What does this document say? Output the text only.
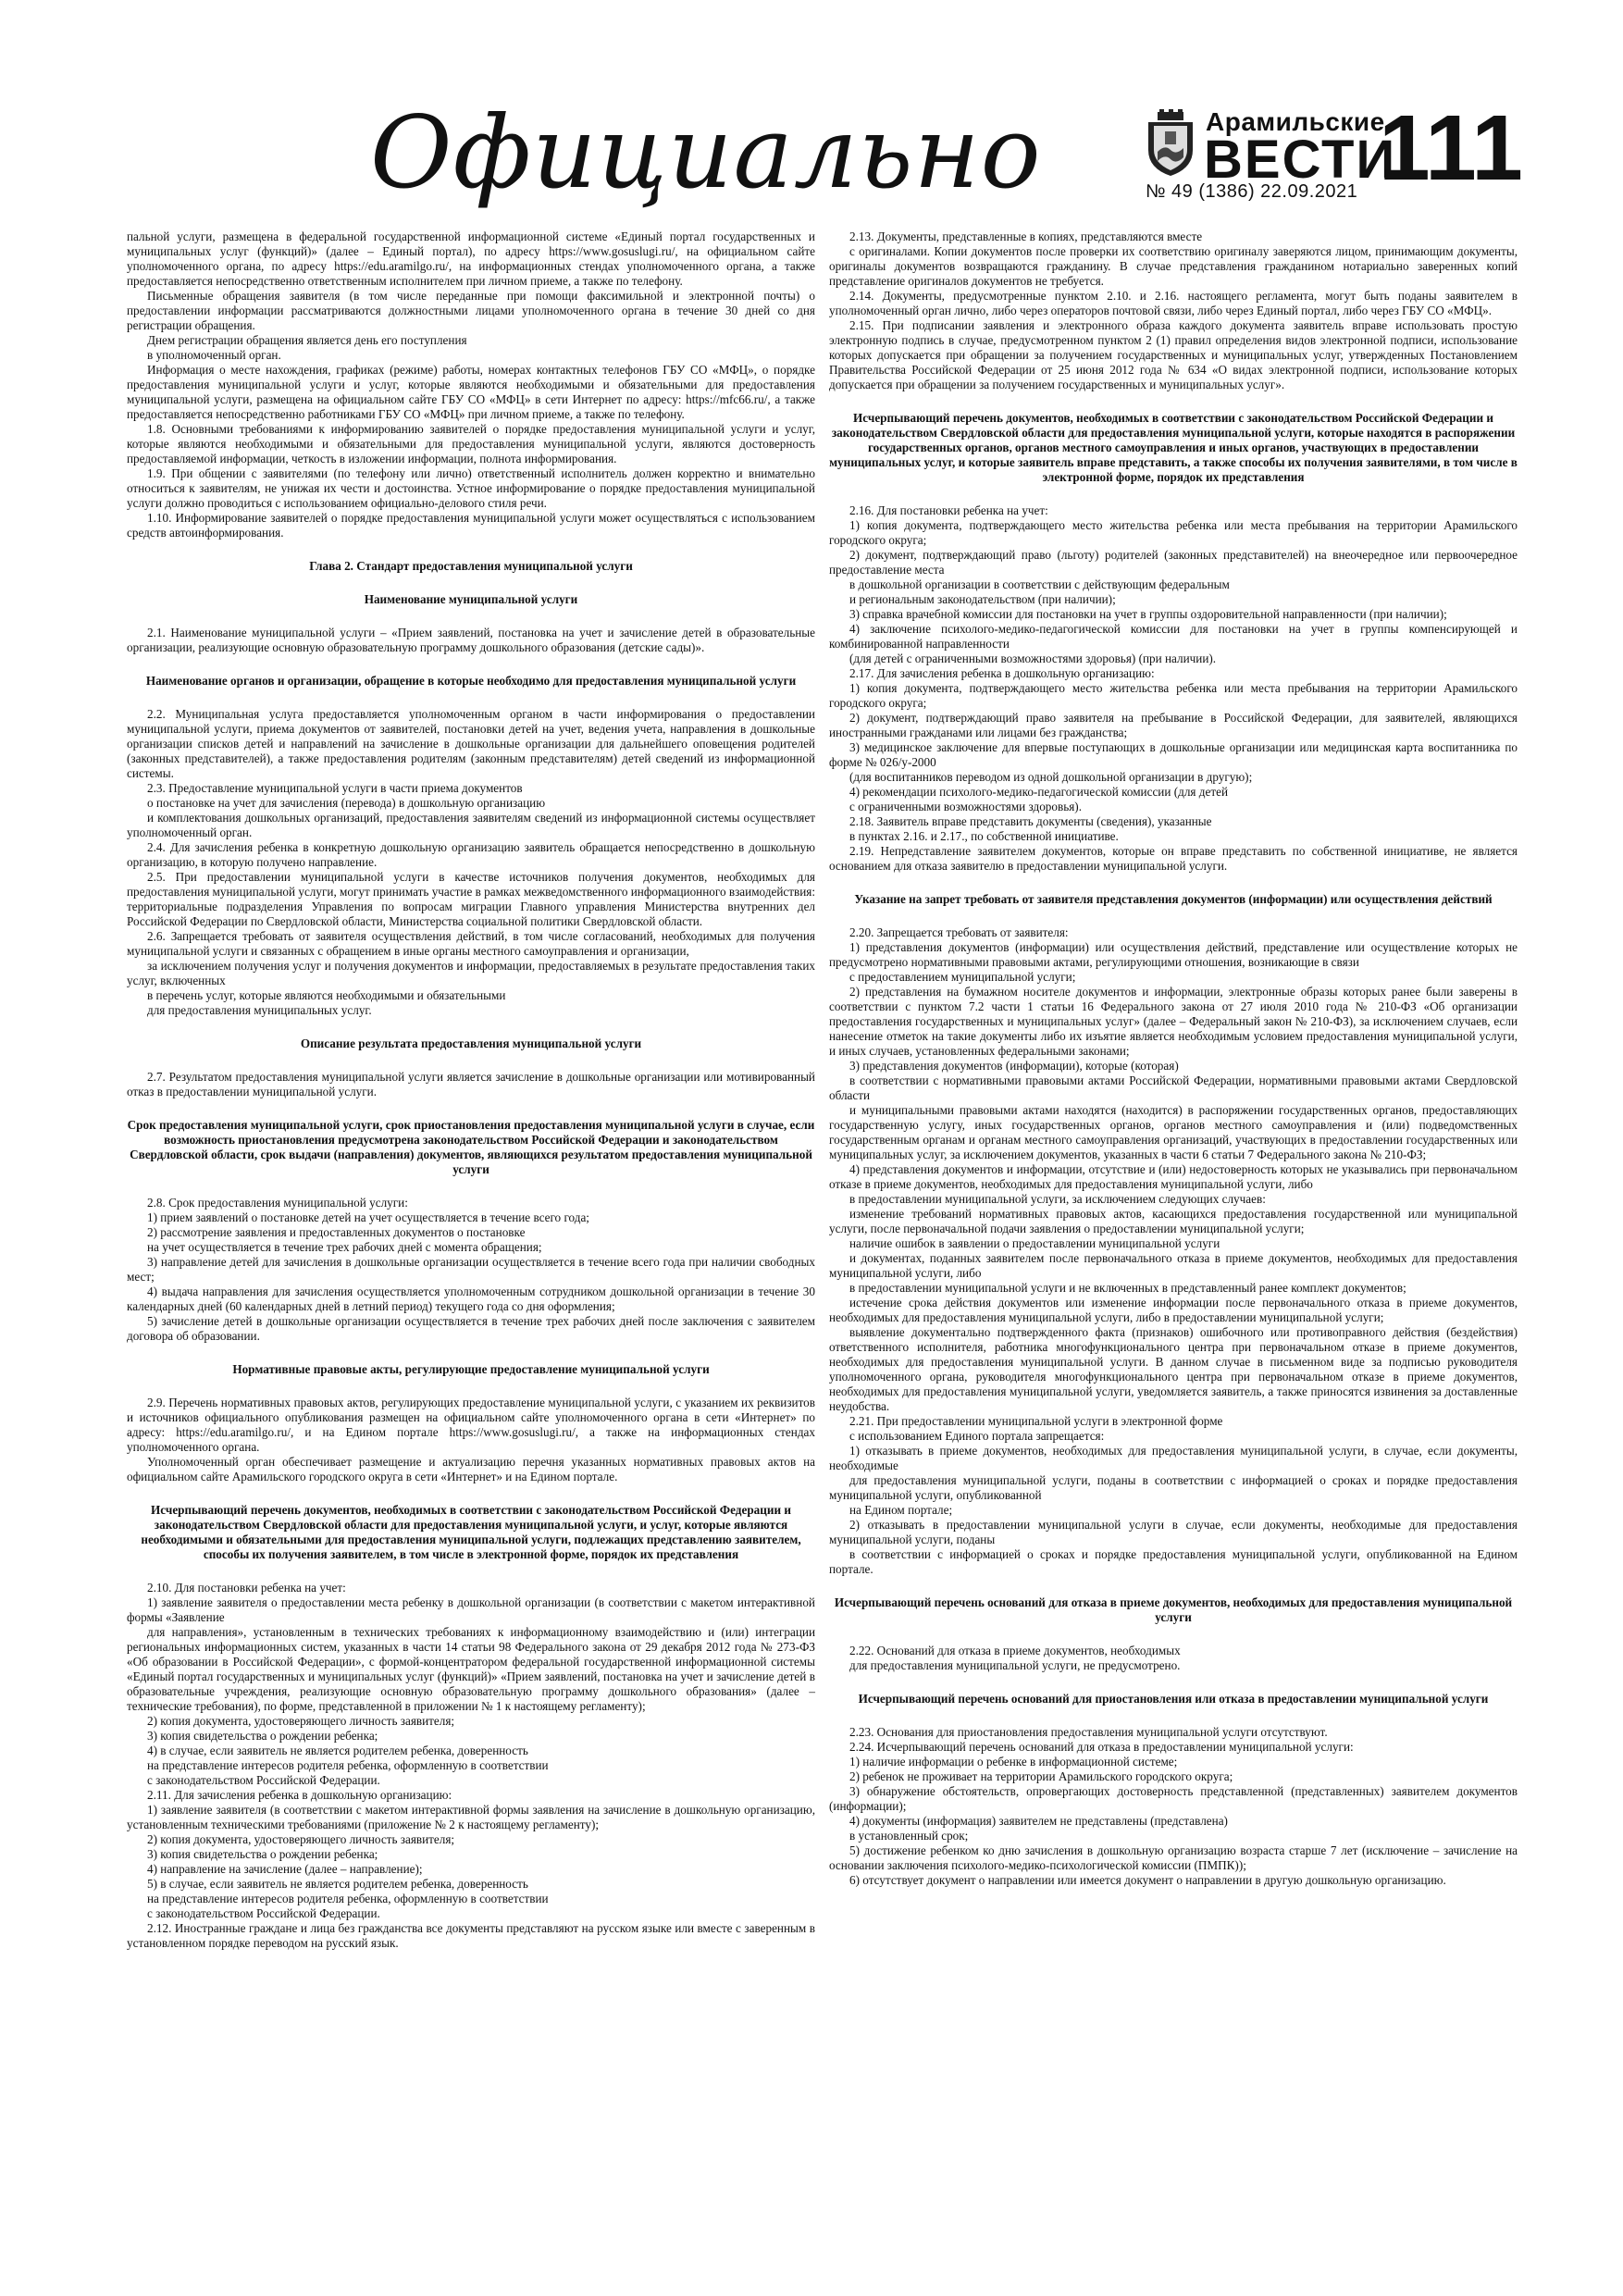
Официально	Арамильские
ВЕСТИ
111
№ 49 (1386) 22.09.2021

пальной услуги, размещена в федеральной государственной информационной системе «Единый портал государственных и муниципальных услуг (функций)» (далее – Единый портал), по адресу https://www.gosuslugi.ru/, на официальном сайте уполномоченного органа, по адресу https://edu.aramilgo.ru/, на информационных стендах уполномоченного органа, а также предоставляется непосредственно ответственным исполнителем при личном приеме, а также по телефону.

Письменные обращения заявителя (в том числе переданные при помощи факсимильной и электронной почты) о предоставлении информации рассматриваются должностными лицами уполномоченного органа в течение 30 дней со дня регистрации обращения.

Днем регистрации обращения является день его поступления

в уполномоченный орган.

Информация о месте нахождения, графиках (режиме) работы, номерах контактных телефонов ГБУ СО «МФЦ», о порядке предоставления муниципальной услуги и услуг, которые являются необходимыми и обязательными для предоставления муниципальной услуги, размещена на официальном сайте ГБУ СО «МФЦ» в сети Интернет по адресу: https://mfc66.ru/, а также предоставляется непосредственно работниками ГБУ СО «МФЦ» при личном приеме, а также по телефону.

1.8. Основными требованиями к информированию заявителей о порядке предоставления муниципальной услуги и услуг, которые являются необходимыми и обязательными для предоставления муниципальной услуги, являются достоверность предоставляемой информации, четкость в изложении информации, полнота информирования.

1.9. При общении с заявителями (по телефону или лично) ответственный исполнитель должен корректно и внимательно относиться к заявителям, не унижая их чести и достоинства. Устное информирование о порядке предоставления муниципальной услуги должно проводиться с использованием официально-делового стиля речи.

1.10. Информирование заявителей о порядке предоставления муниципальной услуги может осуществляться с использованием средств автоинформирования.

Глава 2. Стандарт предоставления муниципальной услуги
Наименование муниципальной услуги

2.1. Наименование муниципальной услуги – «Прием заявлений, постановка на учет и зачисление детей в образовательные организации, реализующие основную образовательную программу дошкольного образования (детские сады)».

Наименование органов и организации, обращение в которые необходимо для предоставления муниципальной услуги

2.2. Муниципальная услуга предоставляется уполномоченным органом в части информирования о предоставлении муниципальной услуги, приема документов от заявителей, постановки детей на учет, ведения учета, направления в дошкольные организации списков детей и направлений на зачисление в дошкольные организации для дальнейшего оповещения родителей (законных представителей), а также предоставления родителям (законным представителям) детей сведений из информационной системы.

2.3. Предоставление муниципальной услуги в части приема документов

о постановке на учет для зачисления (перевода) в дошкольную организацию

и комплектования дошкольных организаций, предоставления заявителям сведений из информационной системы осуществляет уполномоченный орган.

2.4. Для зачисления ребенка в конкретную дошкольную организацию заявитель обращается непосредственно в дошкольную организацию, в которую получено направление.

2.5. При предоставлении муниципальной услуги в качестве источников получения документов, необходимых для предоставления муниципальной услуги, могут принимать участие в рамках межведомственного информационного взаимодействия: территориальные подразделения Управления по вопросам миграции Главного управления Министерства внутренних дел Российской Федерации по Свердловской области, Министерства социальной политики Свердловской области.

2.6. Запрещается требовать от заявителя осуществления действий, в том числе согласований, необходимых для получения муниципальной услуги и связанных с обращением в иные органы местного самоуправления и организации,

за исключением получения услуг и получения документов и информации, предоставляемых в результате предоставления таких услуг, включенных

в перечень услуг, которые являются необходимыми и обязательными

для предоставления муниципальных услуг.

Описание результата предоставления муниципальной услуги

2.7. Результатом предоставления муниципальной услуги является зачисление в дошкольные организации или мотивированный отказ в предоставлении муниципальной услуги.

Срок предоставления муниципальной услуги, срок приостановления предоставления муниципальной услуги в случае, если возможность приостановления предусмотрена законодательством Российской Федерации и законодательством Свердловской области, срок выдачи (направления) документов, являющихся результатом предоставления муниципальной услуги

2.8. Срок предоставления муниципальной услуги:

1) прием заявлений о постановке детей на учет осуществляется в течение всего года;

2) рассмотрение заявления и предоставленных документов о постановке

на учет осуществляется в течение трех рабочих дней с момента обращения;

3) направление детей для зачисления в дошкольные организации осуществляется в течение всего года при наличии свободных мест;

4) выдача направления для зачисления осуществляется уполномоченным сотрудником дошкольной организации в течение 30 календарных дней (60 календарных дней в летний период) текущего года со дня оформления;

5) зачисление детей в дошкольные организации осуществляется в течение трех рабочих дней после заключения с заявителем договора об образовании.

Нормативные правовые акты, регулирующие предоставление муниципальной услуги

2.9. Перечень нормативных правовых актов, регулирующих предоставление муниципальной услуги, с указанием их реквизитов и источников официального опубликования размещен на официальном сайте уполномоченного органа в сети «Интернет» по адресу: https://edu.aramilgo.ru/, и на Едином портале https://www.gosuslugi.ru/, а также на информационных стендах уполномоченного органа.

Уполномоченный орган обеспечивает размещение и актуализацию перечня указанных нормативных правовых актов на официальном сайте Арамильского городского округа в сети «Интернет» и на Едином портале.

Исчерпывающий перечень документов, необходимых в соответствии с законодательством Российской Федерации и законодательством Свердловской области для предоставления муниципальной услуги, и услуг, которые являются необходимыми и обязательными для предоставления муниципальной услуги, подлежащих представлению заявителем, способы их получения заявителем, в том числе в электронной форме, порядок их представления

2.10. Для постановки ребенка на учет:

1) заявление заявителя о предоставлении места ребенку в дошкольной организации (в соответствии с макетом интерактивной формы «Заявление

для направления», установленным в технических требованиях к информационному взаимодействию и (или) интеграции региональных информационных систем, указанных в части 14 статьи 98 Федерального закона от 29 декабря 2012 года № 273-ФЗ «Об образовании в Российской Федерации», с формой-концентратором федеральной государственной информационной системы «Единый портал государственных и муниципальных услуг (функций)» «Прием заявлений, постановка на учет и зачисление детей в образовательные учреждения, реализующие основную образовательную программу дошкольного образования» (далее – технические требования), по форме, представленной в приложении № 1 к настоящему регламенту);

2) копия документа, удостоверяющего личность заявителя;

3) копия свидетельства о рождении ребенка;

4) в случае, если заявитель не является родителем ребенка, доверенность

на представление интересов родителя ребенка, оформленную в соответствии

с законодательством Российской Федерации.

2.11. Для зачисления ребенка в дошкольную организацию:

1) заявление заявителя (в соответствии с макетом интерактивной формы заявления на зачисление в дошкольную организацию, установленным техническими требованиями (приложение № 2 к настоящему регламенту);

2) копия документа, удостоверяющего личность заявителя;

3) копия свидетельства о рождении ребенка;

4) направление на зачисление (далее – направление);

5) в случае, если заявитель не является родителем ребенка, доверенность

на представление интересов родителя ребенка, оформленную в соответствии

с законодательством Российской Федерации.

2.12. Иностранные граждане и лица без гражданства все документы представляют на русском языке или вместе с заверенным в установленном порядке переводом на русский язык.

2.13. Документы, представленные в копиях, представляются вместе

с оригиналами. Копии документов после проверки их соответствию оригиналу заверяются лицом, принимающим документы, оригиналы документов возвращаются гражданину. В случае представления гражданином нотариально заверенных копий представление оригиналов документов не требуется.

2.14. Документы, предусмотренные пунктом 2.10. и 2.16. настоящего регламента, могут быть поданы заявителем в уполномоченный орган лично, либо через операторов почтовой связи, либо через Единый портал, либо через ГБУ СО «МФЦ».

2.15. При подписании заявления и электронного образа каждого документа заявитель вправе использовать простую электронную подпись в случае, предусмотренном пунктом 2 (1) правил определения видов электронной подписи, использование которых допускается при обращении за получением государственных и муниципальных услуг, утвержденных Постановлением Правительства Российской Федерации от 25 июня 2012 года № 634 «О видах электронной подписи, использование которых допускается при обращении за получением государственных и муниципальных услуг».

Исчерпывающий перечень документов, необходимых в соответствии с законодательством Российской Федерации и законодательством Свердловской области для предоставления муниципальной услуги, которые находятся в распоряжении государственных органов, органов местного самоуправления и иных органов, участвующих в предоставлении муниципальных услуг, и которые заявитель вправе представить, а также способы их получения заявителями, в том числе в электронной форме, порядок их представления

2.16. Для постановки ребенка на учет:

1) копия документа, подтверждающего место жительства ребенка или места пребывания на территории Арамильского городского округа;

2) документ, подтверждающий право (льготу) родителей (законных представителей) на внеочередное или первоочередное предоставление места

в дошкольной организации в соответствии с действующим федеральным

и региональным законодательством (при наличии);

3) справка врачебной комиссии для постановки на учет в группы оздоровительной направленности (при наличии);

4) заключение психолого-медико-педагогической комиссии для постановки на учет в группы компенсирующей и комбинированной направленности

(для детей с ограниченными возможностями здоровья) (при наличии).

2.17. Для зачисления ребенка в дошкольную организацию:

1) копия документа, подтверждающего место жительства ребенка или места пребывания на территории Арамильского городского округа;

2) документ, подтверждающий право заявителя на пребывание в Российской Федерации, для заявителей, являющихся иностранными гражданами или лицами без гражданства;

3) медицинское заключение для впервые поступающих в дошкольные организации или медицинская карта воспитанника по форме № 026/у-2000

(для воспитанников переводом из одной дошкольной организации в другую);

4) рекомендации психолого-медико-педагогической комиссии (для детей

с ограниченными возможностями здоровья).

2.18. Заявитель вправе представить документы (сведения), указанные

в пунктах 2.16. и 2.17., по собственной инициативе.

2.19. Непредставление заявителем документов, которые он вправе представить по собственной инициативе, не является основанием для отказа заявителю в предоставлении муниципальной услуги.

Указание на запрет требовать от заявителя представления документов (информации) или осуществления действий

2.20. Запрещается требовать от заявителя:

1) представления документов (информации) или осуществления действий, представление или осуществление которых не предусмотрено нормативными правовыми актами, регулирующими отношения, возникающие в связи

с предоставлением муниципальной услуги;

2) представления на бумажном носителе документов и информации, электронные образы которых ранее были заверены в соответствии с пунктом 7.2 части 1 статьи 16 Федерального закона от 27 июля 2010 года № 210-ФЗ «Об организации предоставления государственных и муниципальных услуг» (далее – Федеральный закон № 210-ФЗ), за исключением случаев, если нанесение отметок на такие документы либо их изъятие является необходимым условием предоставления муниципальной услуги, и иных случаев, установленных федеральными законами;

3) представления документов (информации), которые (которая)

в соответствии с нормативными правовыми актами Российской Федерации, нормативными правовыми актами Свердловской области

и муниципальными правовыми актами находятся (находится) в распоряжении государственных органов, предоставляющих государственную услугу, иных государственных органов, органов местного самоуправления и (или) подведомственных государственным органам и органам местного самоуправления организаций, участвующих в предоставлении государственных или муниципальных услуг, за исключением документов, указанных в части 6 статьи 7 Федерального закона № 210-ФЗ;

4) представления документов и информации, отсутствие и (или) недостоверность которых не указывались при первоначальном отказе в приеме документов, необходимых для предоставления муниципальной услуги, либо

в предоставлении муниципальной услуги, за исключением следующих случаев:

изменение требований нормативных правовых актов, касающихся предоставления государственной или муниципальной услуги, после первоначальной подачи заявления о предоставлении муниципальной услуги;

наличие ошибок в заявлении о предоставлении муниципальной услуги

и документах, поданных заявителем после первоначального отказа в приеме документов, необходимых для предоставления муниципальной услуги, либо

в предоставлении муниципальной услуги и не включенных в представленный ранее комплект документов;

истечение срока действия документов или изменение информации после первоначального отказа в приеме документов, необходимых для предоставления муниципальной услуги, либо в предоставлении муниципальной услуги;

выявление документально подтвержденного факта (признаков) ошибочного или противоправного действия (бездействия) ответственного исполнителя, работника многофункционального центра при первоначальном отказе в приеме документов, необходимых для предоставления муниципальной услуги. В данном случае в письменном виде за подписью руководителя уполномоченного органа, руководителя многофункционального центра при первоначальном отказе в приеме документов, необходимых для предоставления муниципальной услуги, уведомляется заявитель, а также приносятся извинения за доставленные неудобства.

2.21. При предоставлении муниципальной услуги в электронной форме

с использованием Единого портала запрещается:

1) отказывать в приеме документов, необходимых для предоставления муниципальной услуги, в случае, если документы, необходимые

для предоставления муниципальной услуги, поданы в соответствии с информацией о сроках и порядке предоставления муниципальной услуги, опубликованной

на Едином портале;

2) отказывать в предоставлении муниципальной услуги в случае, если документы, необходимые для предоставления муниципальной услуги, поданы

в соответствии с информацией о сроках и порядке предоставления муниципальной услуги, опубликованной на Едином портале.

Исчерпывающий перечень оснований для отказа в приеме документов, необходимых для предоставления муниципальной услуги

2.22. Оснований для отказа в приеме документов, необходимых

для предоставления муниципальной услуги, не предусмотрено.

Исчерпывающий перечень оснований для приостановления или отказа в предоставлении муниципальной услуги

2.23. Основания для приостановления предоставления муниципальной услуги отсутствуют.

2.24. Исчерпывающий перечень оснований для отказа в предоставлении муниципальной услуги:

1) наличие информации о ребенке в информационной системе;

2) ребенок не проживает на территории Арамильского городского округа;

3) обнаружение обстоятельств, опровергающих достоверность представленной (представленных) заявителем документов (информации);

4) документы (информация) заявителем не представлены (представлена)

в установленный срок;

5) достижение ребенком ко дню зачисления в дошкольную организацию возраста старше 7 лет (исключение – зачисление на основании заключения психолого-медико-психологической комиссии (ПМПК));

6) отсутствует документ о направлении или имеется документ о направлении в другую дошкольную организацию.
